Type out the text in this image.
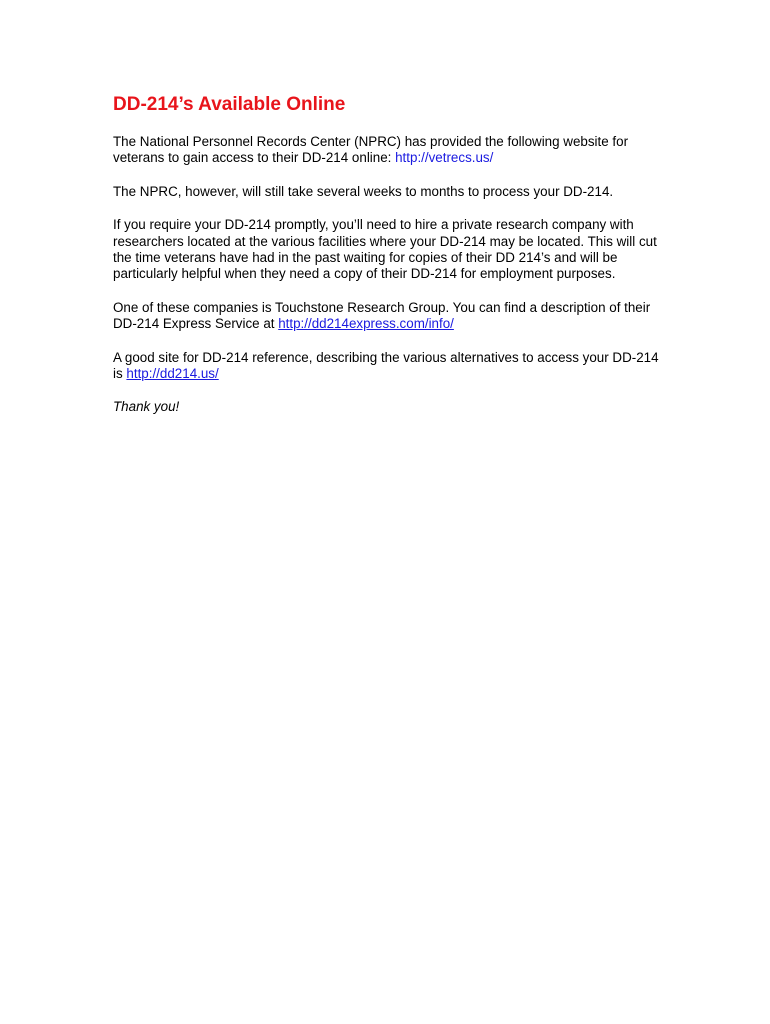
DD-214’s Available Online

The National Personnel Records Center (NPRC) has provided the following website for veterans to gain access to their DD-214 online: http://vetrecs.us/

The NPRC, however, will still take several weeks to months to process your DD-214.

If you require your DD-214 promptly, you’ll need to hire a private research company with researchers located at the various facilities where your DD-214 may be located. This will cut the time veterans have had in the past waiting for copies of their DD 214’s and will be particularly helpful when they need a copy of their DD-214 for employment purposes.

One of these companies is Touchstone Research Group. You can find a description of their DD-214 Express Service at http://dd214express.com/info/

A good site for DD-214 reference, describing the various alternatives to access your DD-214 is http://dd214.us/

Thank you!
